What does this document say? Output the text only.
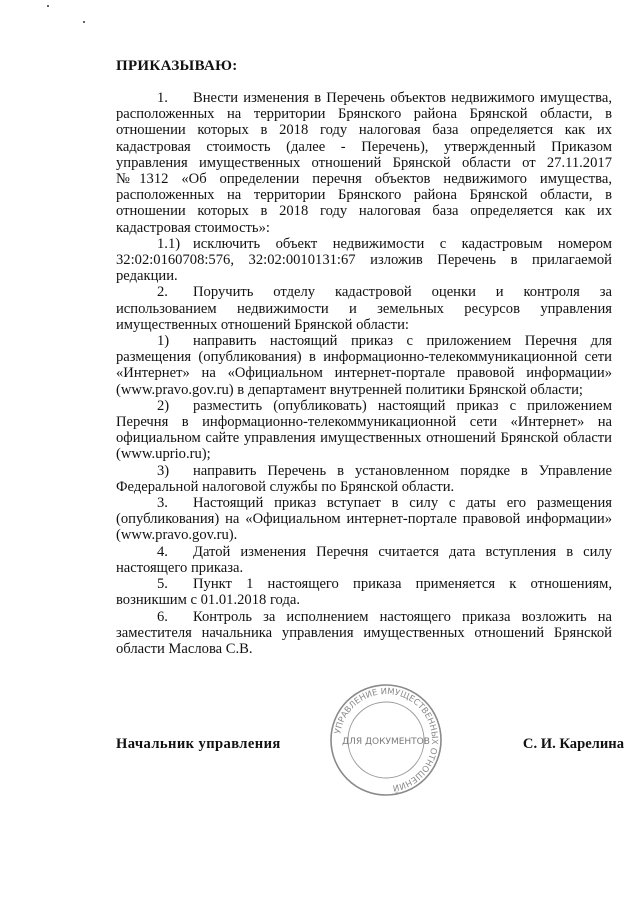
ПРИКАЗЫВАЮ:

1. Внести изменения в Перечень объектов недвижимого имущества, расположенных на территории Брянского района Брянской области, в отношении которых в 2018 году налоговая база определяется как их кадастровая стоимость (далее - Перечень), утвержденный Приказом управления имущественных отношений Брянской области от 27.11.2017 №1312 «Об определении перечня объектов недвижимого имущества, расположенных на территории Брянского района Брянской области, в отношении которых в 2018 году налоговая база определяется как их кадастровая стоимость»:

1.1) исключить объект недвижимости с кадастровым номером 32:02:0160708:576, 32:02:0010131:67 изложив Перечень в прилагаемой редакции.

2. Поручить отделу кадастровой оценки и контроля за использованием недвижимости и земельных ресурсов управления имущественных отношений Брянской области:

1) направить настоящий приказ с приложением Перечня для размещения (опубликования) в информационно-телекоммуникационной сети «Интернет» на «Официальном интернет-портале правовой информации» (www.pravo.gov.ru) в департамент внутренней политики Брянской области;

2) разместить (опубликовать) настоящий приказ с приложением Перечня в информационно-телекоммуникационной сети «Интернет» на официальном сайте управления имущественных отношений Брянской области (www.uprio.ru);

3) направить Перечень в установленном порядке в Управление Федеральной налоговой службы по Брянской области.

3. Настоящий приказ вступает в силу с даты его размещения (опубликования) на «Официальном интернет-портале правовой информации» (www.pravo.gov.ru).

4. Датой изменения Перечня считается дата вступления в силу настоящего приказа.

5. Пункт 1 настоящего приказа применяется к отношениям, возникшим с 01.01.2018 года.

6. Контроль за исполнением настоящего приказа возложить на заместителя начальника управления имущественных отношений Брянской области Маслова С.В.

УПРАВЛЕНИЕ ИМУЩЕСТВЕННЫХ ОТНОШЕНИЙ
ДЛЯ ДОКУМЕНТОВ
Начальник управления	С. И. Карелина
